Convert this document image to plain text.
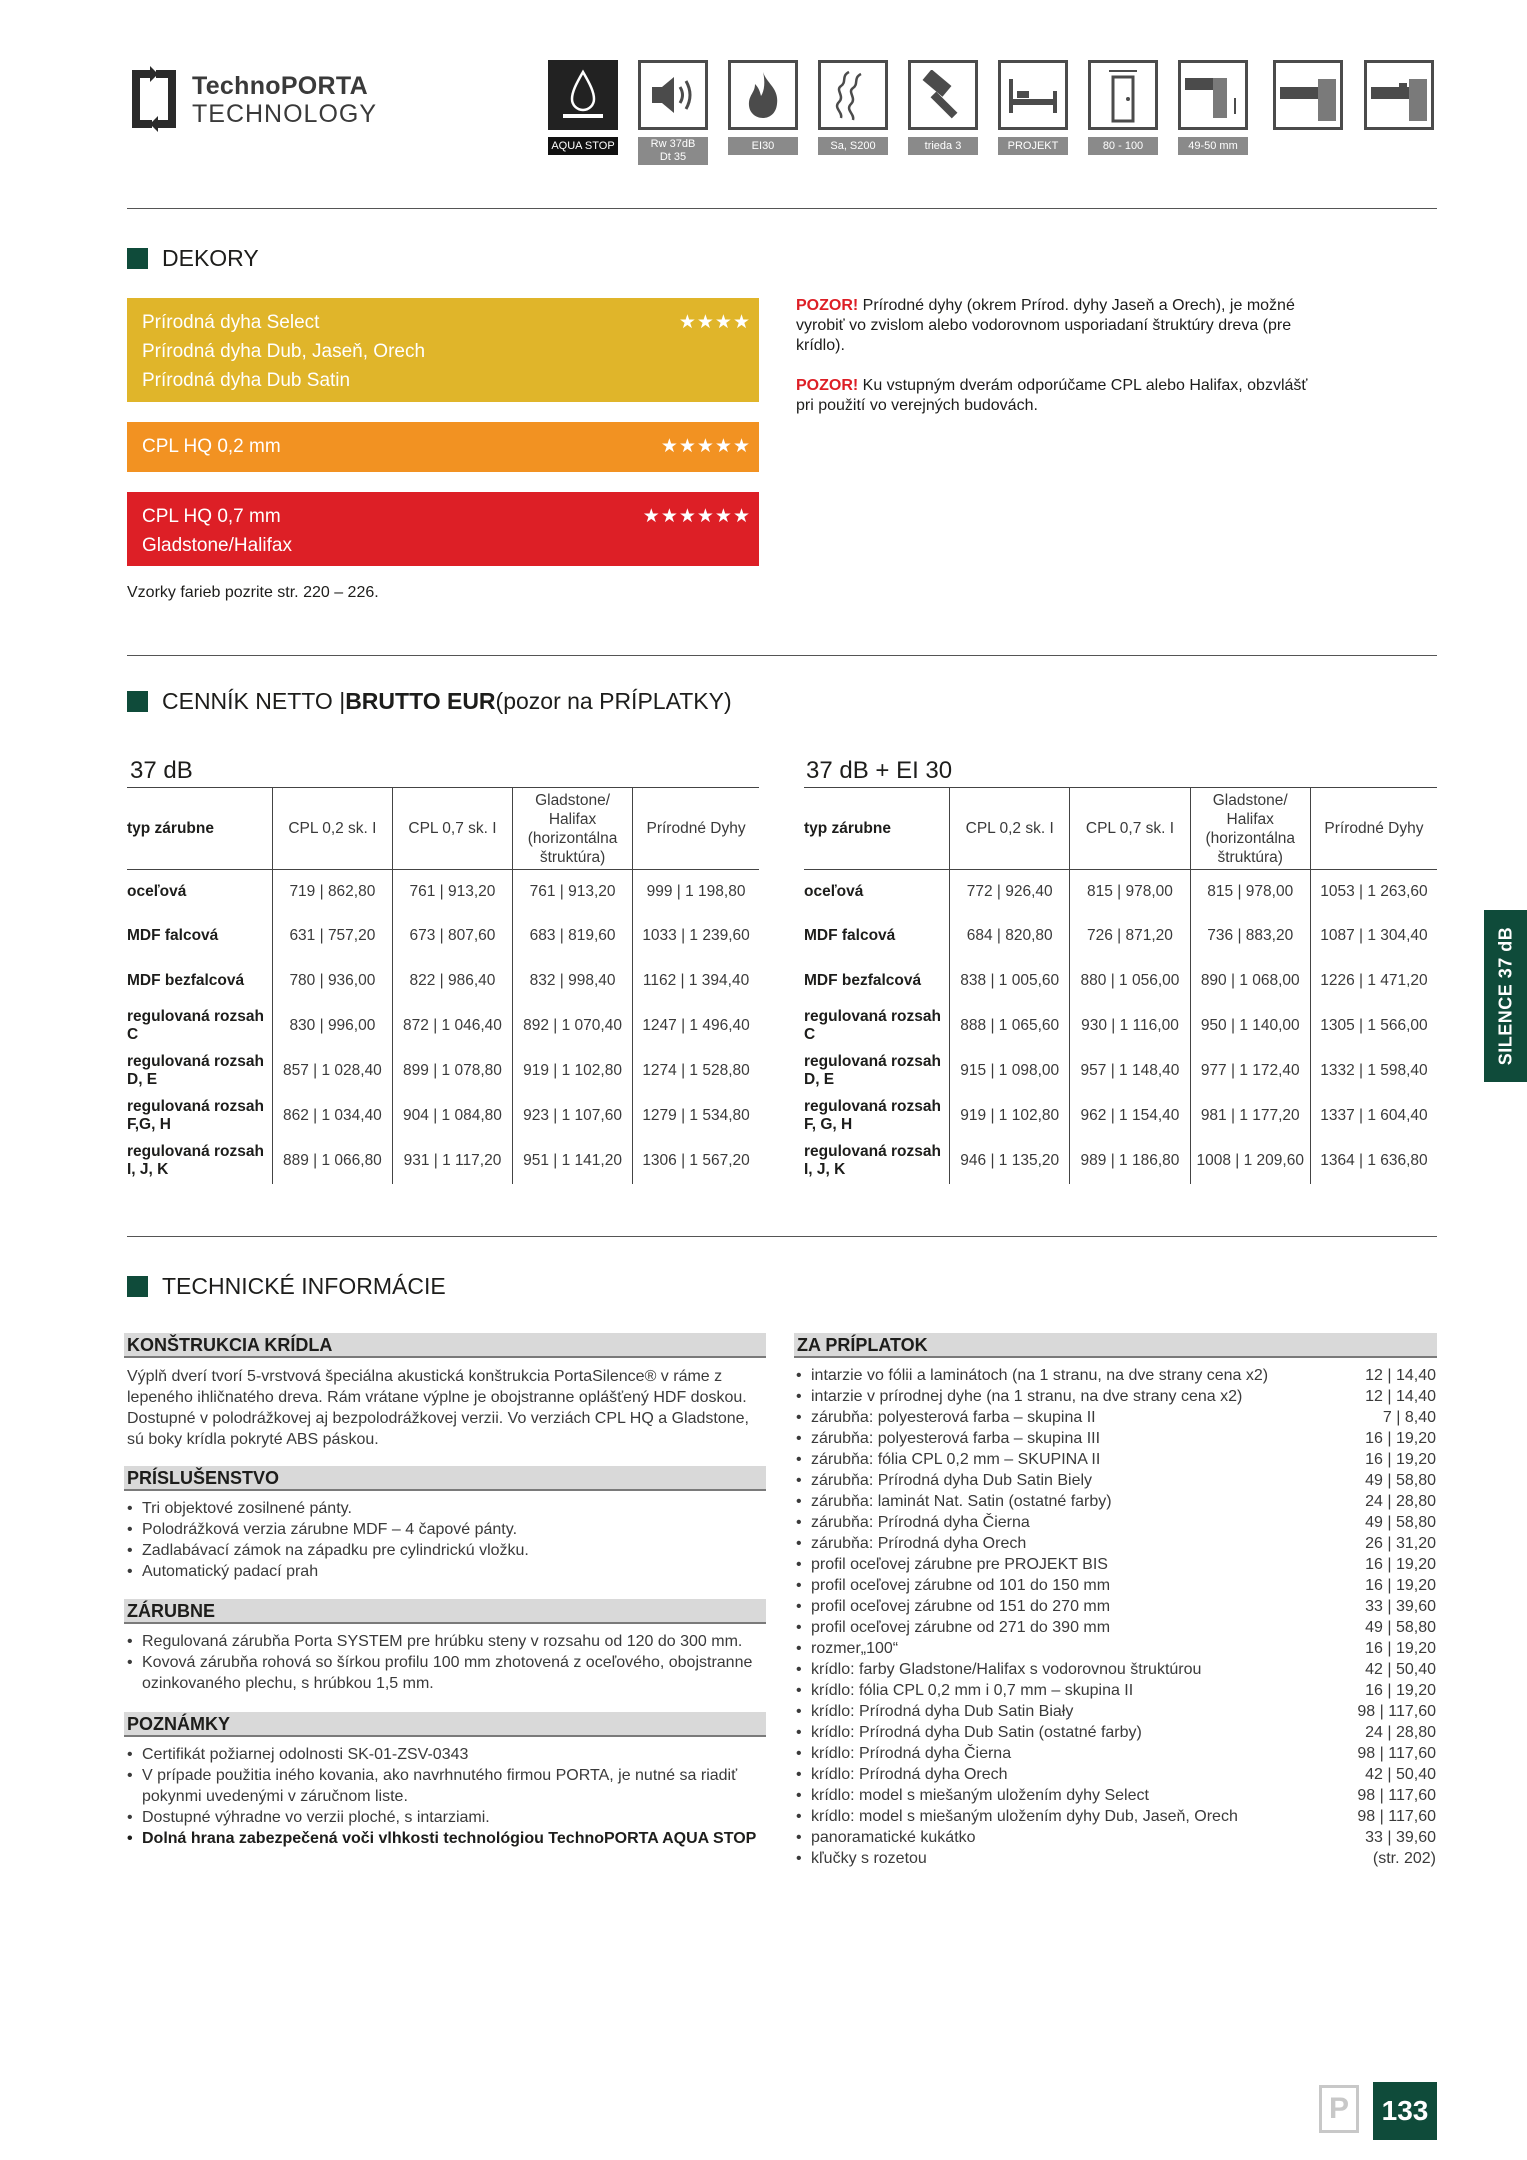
TechnoPORTA
TECHNOLOGY
AQUA STOP	Rw 37dB
Dt 35
EI30	Sa, S200	trieda 3	PROJEKT	80 - 100	49-50 mm
DEKORY
Prírodná dyha Select
Prírodná dyha Dub, Jaseň, Orech
Prírodná dyha Dub Satin
★★★★
CPL HQ 0,2 mm	★★★★★
CPL HQ 0,7 mm
Gladstone/Halifax
★★★★★★
POZOR! Prírodné dyhy (okrem Prírod. dyhy Jaseň a Orech), je možné vyrobiť vo zvislom alebo vodorovnom usporiadaní štruktúry dreva (pre krídlo).
POZOR! Ku vstupným dverám odporúčame CPL alebo Halifax, obzvlášť pri použití vo verejných budovách.
Vzorky farieb pozrite str. 220 – 226.
CENNÍK NETTO | BRUTTO EUR (pozor na PRÍPLATKY)
37 dB	37 dB + EI 30
typ zárubne	CPL 0,2 sk. I	CPL 0,7 sk. I	Gladstone/ Halifax (horizontálna štruktúra)	Prírodné Dyhy
oceľová	719 | 862,80	761 | 913,20	761 | 913,20	999 | 1 198,80
MDF falcová	631 | 757,20	673 | 807,60	683 | 819,60	1033 | 1 239,60
MDF bezfalcová	780 | 936,00	822 | 986,40	832 | 998,40	1162 | 1 394,40
regulovaná rozsah C	830 | 996,00	872 | 1 046,40	892 | 1 070,40	1247 | 1 496,40
regulovaná rozsah D, E	857 | 1 028,40	899 | 1 078,80	919 | 1 102,80	1274 | 1 528,80
regulovaná rozsah F,G, H	862 | 1 034,40	904 | 1 084,80	923 | 1 107,60	1279 | 1 534,80
regulovaná rozsah I, J, K	889 | 1 066,80	931 | 1 117,20	951 | 1 141,20	1306 | 1 567,20
typ zárubne	CPL 0,2 sk. I	CPL 0,7 sk. I	Gladstone/ Halifax (horizontálna štruktúra)	Prírodné Dyhy
oceľová	772 | 926,40	815 | 978,00	815 | 978,00	1053 | 1 263,60
MDF falcová	684 | 820,80	726 | 871,20	736 | 883,20	1087 | 1 304,40
MDF bezfalcová	838 | 1 005,60	880 | 1 056,00	890 | 1 068,00	1226 | 1 471,20
regulovaná rozsah C	888 | 1 065,60	930 | 1 116,00	950 | 1 140,00	1305 | 1 566,00
regulovaná rozsah D, E	915 | 1 098,00	957 | 1 148,40	977 | 1 172,40	1332 | 1 598,40
regulovaná rozsah F, G, H	919 | 1 102,80	962 | 1 154,40	981 | 1 177,20	1337 | 1 604,40
regulovaná rozsah I, J, K	946 | 1 135,20	989 | 1 186,80	1008 | 1 209,60	1364 | 1 636,80
SILENCE 37 dB
TECHNICKÉ INFORMÁCIE
KONŠTRUKCIA KRÍDLA
Výplň dverí tvorí 5-vrstvová špeciálna akustická konštrukcia PortaSilence® v ráme z lepeného ihličnatého dreva. Rám vrátane výplne je obojstranne oplášťený HDF doskou. Dostupné v polodrážkovej aj bezpolodrážkovej verzii. Vo verziách CPL HQ a Gladstone, sú boky krídla pokryté ABS páskou.
PRÍSLUŠENSTVO
• Tri objektové zosilnené pánty.
• Polodrážková verzia zárubne MDF – 4 čapové pánty.
• Zadlabávací zámok na západku pre cylindrickú vložku.
• Automatický padací prah
ZÁRUBNE
• Regulovaná zárubňa Porta SYSTEM pre hrúbku steny v rozsahu od 120 do 300 mm.
• Kovová zárubňa rohová so šírkou profilu 100 mm zhotovená z oceľového, obojstranne ozinkovaného plechu, s hrúbkou 1,5 mm.
POZNÁMKY
• Certifikát požiarnej odolnosti SK-01-ZSV-0343
• V prípade použitia iného kovania, ako navrhnutého firmou PORTA, je nutné sa riadiť pokynmi uvedenými v záručnom liste.
• Dostupné výhradne vo verzii ploché, s intarziami.
• Dolná hrana zabezpečená voči vlhkosti technológiou TechnoPORTA AQUA STOP
ZA PRÍPLATOK
• intarzie vo fólii a laminátoch (na 1 stranu, na dve strany cena x2)	12 | 14,40
• intarzie v prírodnej dyhe (na 1 stranu, na dve strany cena x2)	12 | 14,40
• zárubňa: polyesterová farba – skupina II	7 | 8,40
• zárubňa: polyesterová farba – skupina III	16 | 19,20
• zárubňa: fólia CPL 0,2 mm – SKUPINA II	16 | 19,20
• zárubňa: Prírodná dyha Dub Satin Biely	49 | 58,80
• zárubňa: laminát Nat. Satin (ostatné farby)	24 | 28,80
• zárubňa: Prírodná dyha Čierna	49 | 58,80
• zárubňa: Prírodná dyha Orech	26 | 31,20
• profil oceľovej zárubne pre PROJEKT BIS	16 | 19,20
• profil oceľovej zárubne od 101 do 150 mm	16 | 19,20
• profil oceľovej zárubne od 151 do 270 mm	33 | 39,60
• profil oceľovej zárubne od 271 do 390 mm	49 | 58,80
• rozmer„100“	16 | 19,20
• krídlo: farby Gladstone/Halifax s vodorovnou štruktúrou	42 | 50,40
• krídlo: fólia CPL 0,2 mm i 0,7 mm – skupina II	16 | 19,20
• krídlo: Prírodná dyha Dub Satin Biały	98 | 117,60
• krídlo: Prírodná dyha Dub Satin (ostatné farby)	24 | 28,80
• krídlo: Prírodná dyha Čierna	98 | 117,60
• krídlo: Prírodná dyha Orech	42 | 50,40
• krídlo: model s miešaným uložením dyhy Select	98 | 117,60
• krídlo: model s miešaným uložením dyhy Dub, Jaseň, Orech	98 | 117,60
• panoramatické kukátko	33 | 39,60
• kľučky s rozetou	(str. 202)
P	133
